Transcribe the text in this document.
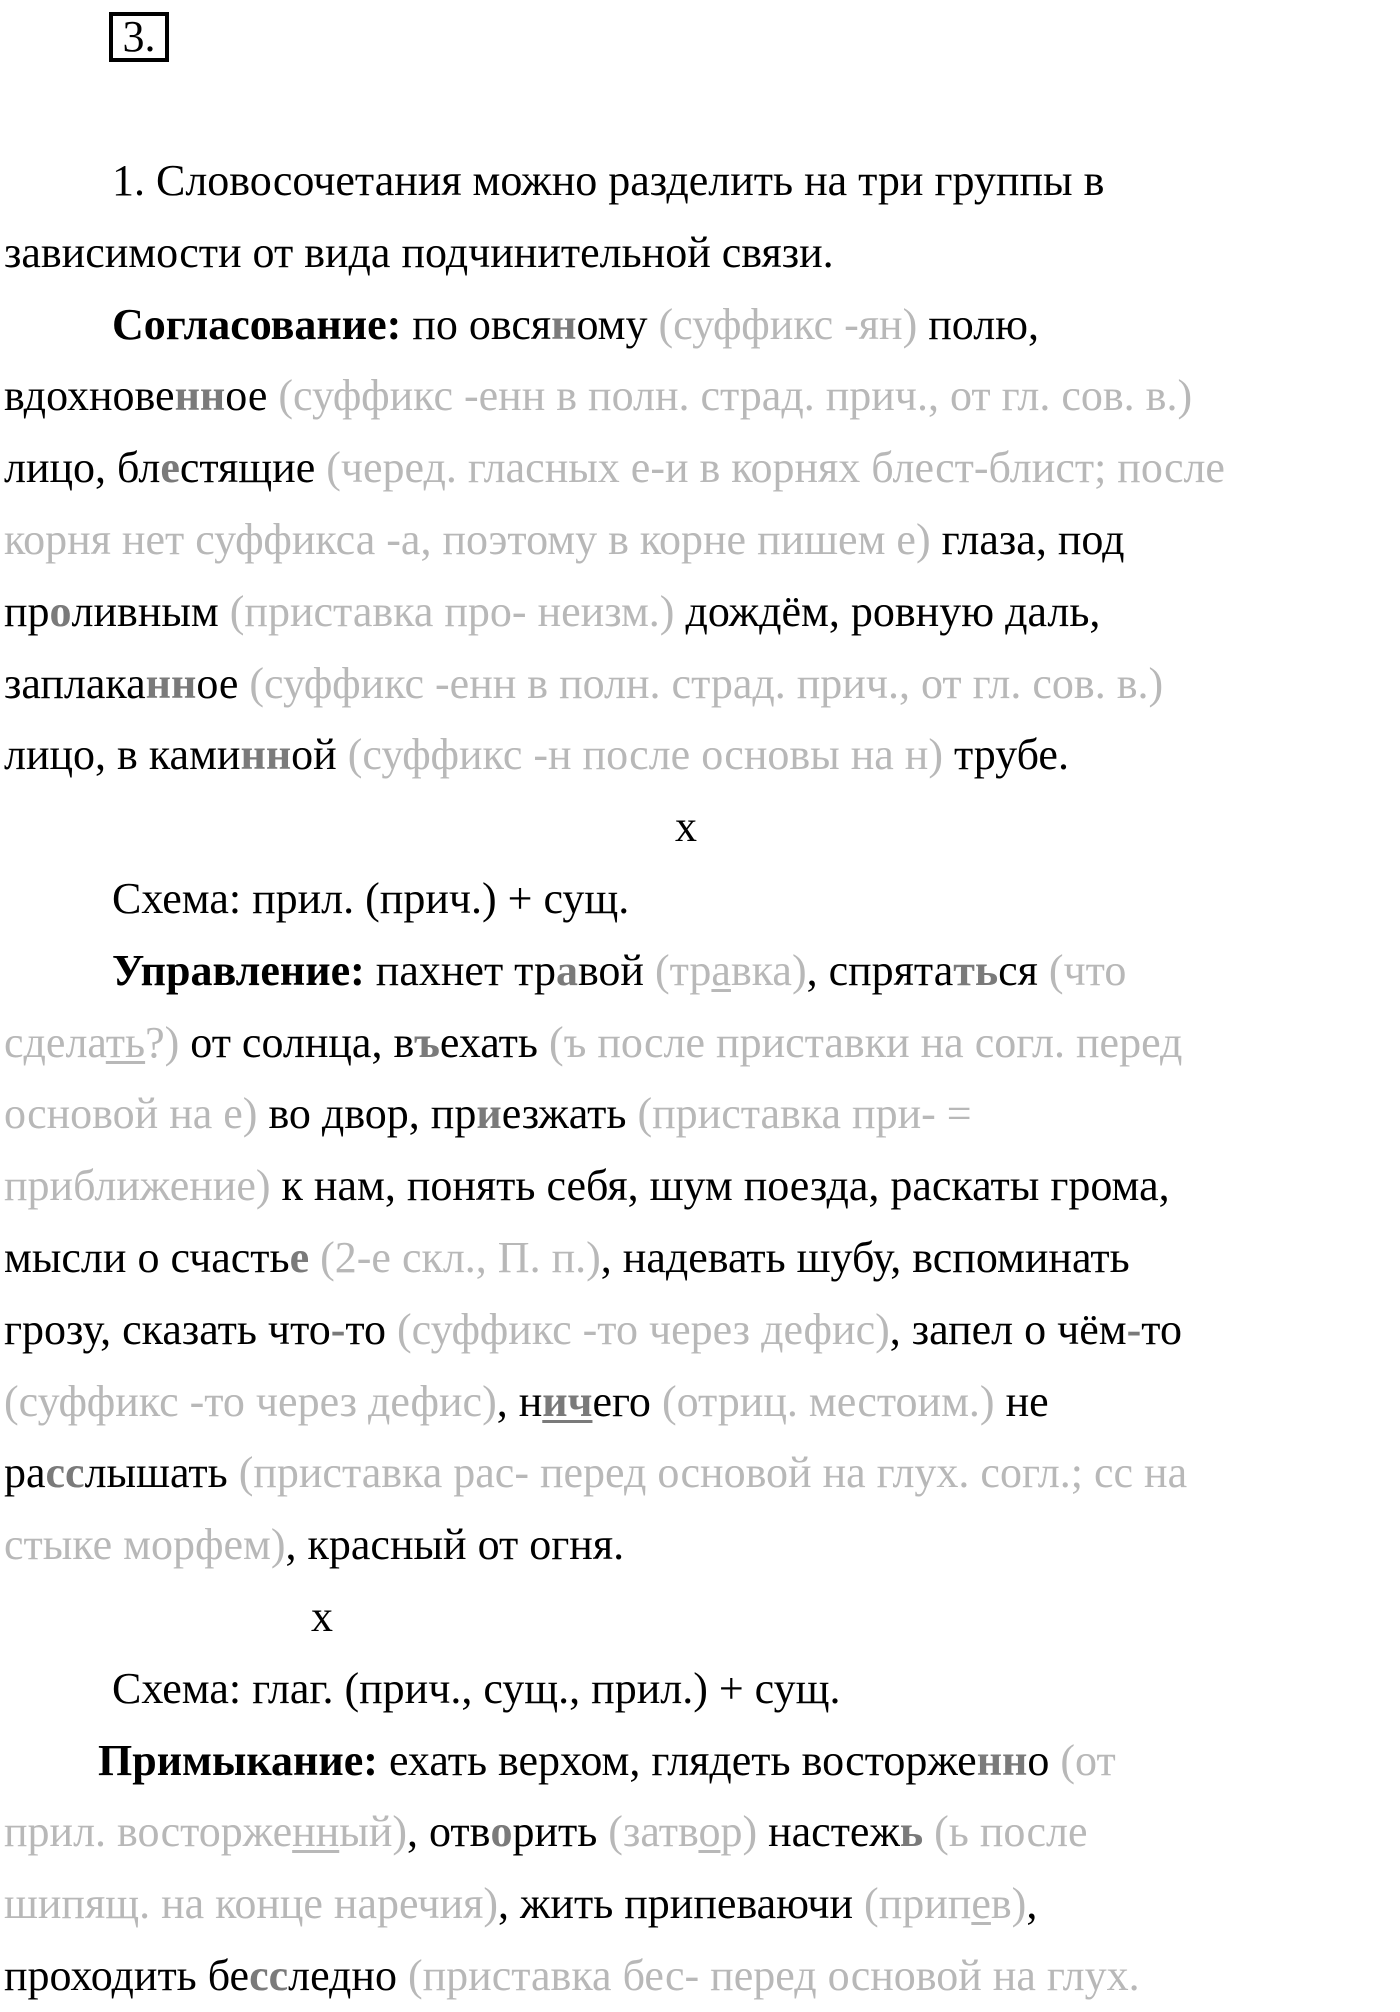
3.
1. Словосочетания можно разделить на три группы в
зависимости от вида подчинительной связи.
Согласование: по овсяному (суффикс -ян) полю,
вдохновенное (суффикс -енн в полн. страд. прич., от гл. сов. в.)
лицо, блестящие (черед. гласных е-и в корнях блест-блист; после
корня нет суффикса -а, поэтому в корне пишем е) глаза, под
проливным (приставка про- неизм.) дождём, ровную даль,
заплаканное (суффикс -енн в полн. страд. прич., от гл. сов. в.)
лицо, в каминной (суффикс -н после основы на н) трубе.
x
Схема: прил. (прич.) + сущ.
Управление: пахнет травой (травка), спрятаться (что
сделать?) от солнца, въехать (ъ после приставки на согл. перед
основой на е) во двор, приезжать (приставка при- =
приближение) к нам, понять себя, шум поезда, раскаты грома,
мысли о счастье (2-е скл., П. п.), надевать шубу, вспоминать
грозу, сказать что-то (суффикс -то через дефис), запел о чём-то
(суффикс -то через дефис), ничего (отриц. местоим.) не
расслышать (приставка рас- перед основой на глух. согл.; сс на
стыке морфем), красный от огня.
x
Схема: глаг. (прич., сущ., прил.) + сущ.
Примыкание: ехать верхом, глядеть восторженно (от
прил. восторженный), отворить (затвор) настежь (ь после
шипящ. на конце наречия), жить припеваючи (припев),
проходить бесследно (приставка бес- перед основой на глух.
